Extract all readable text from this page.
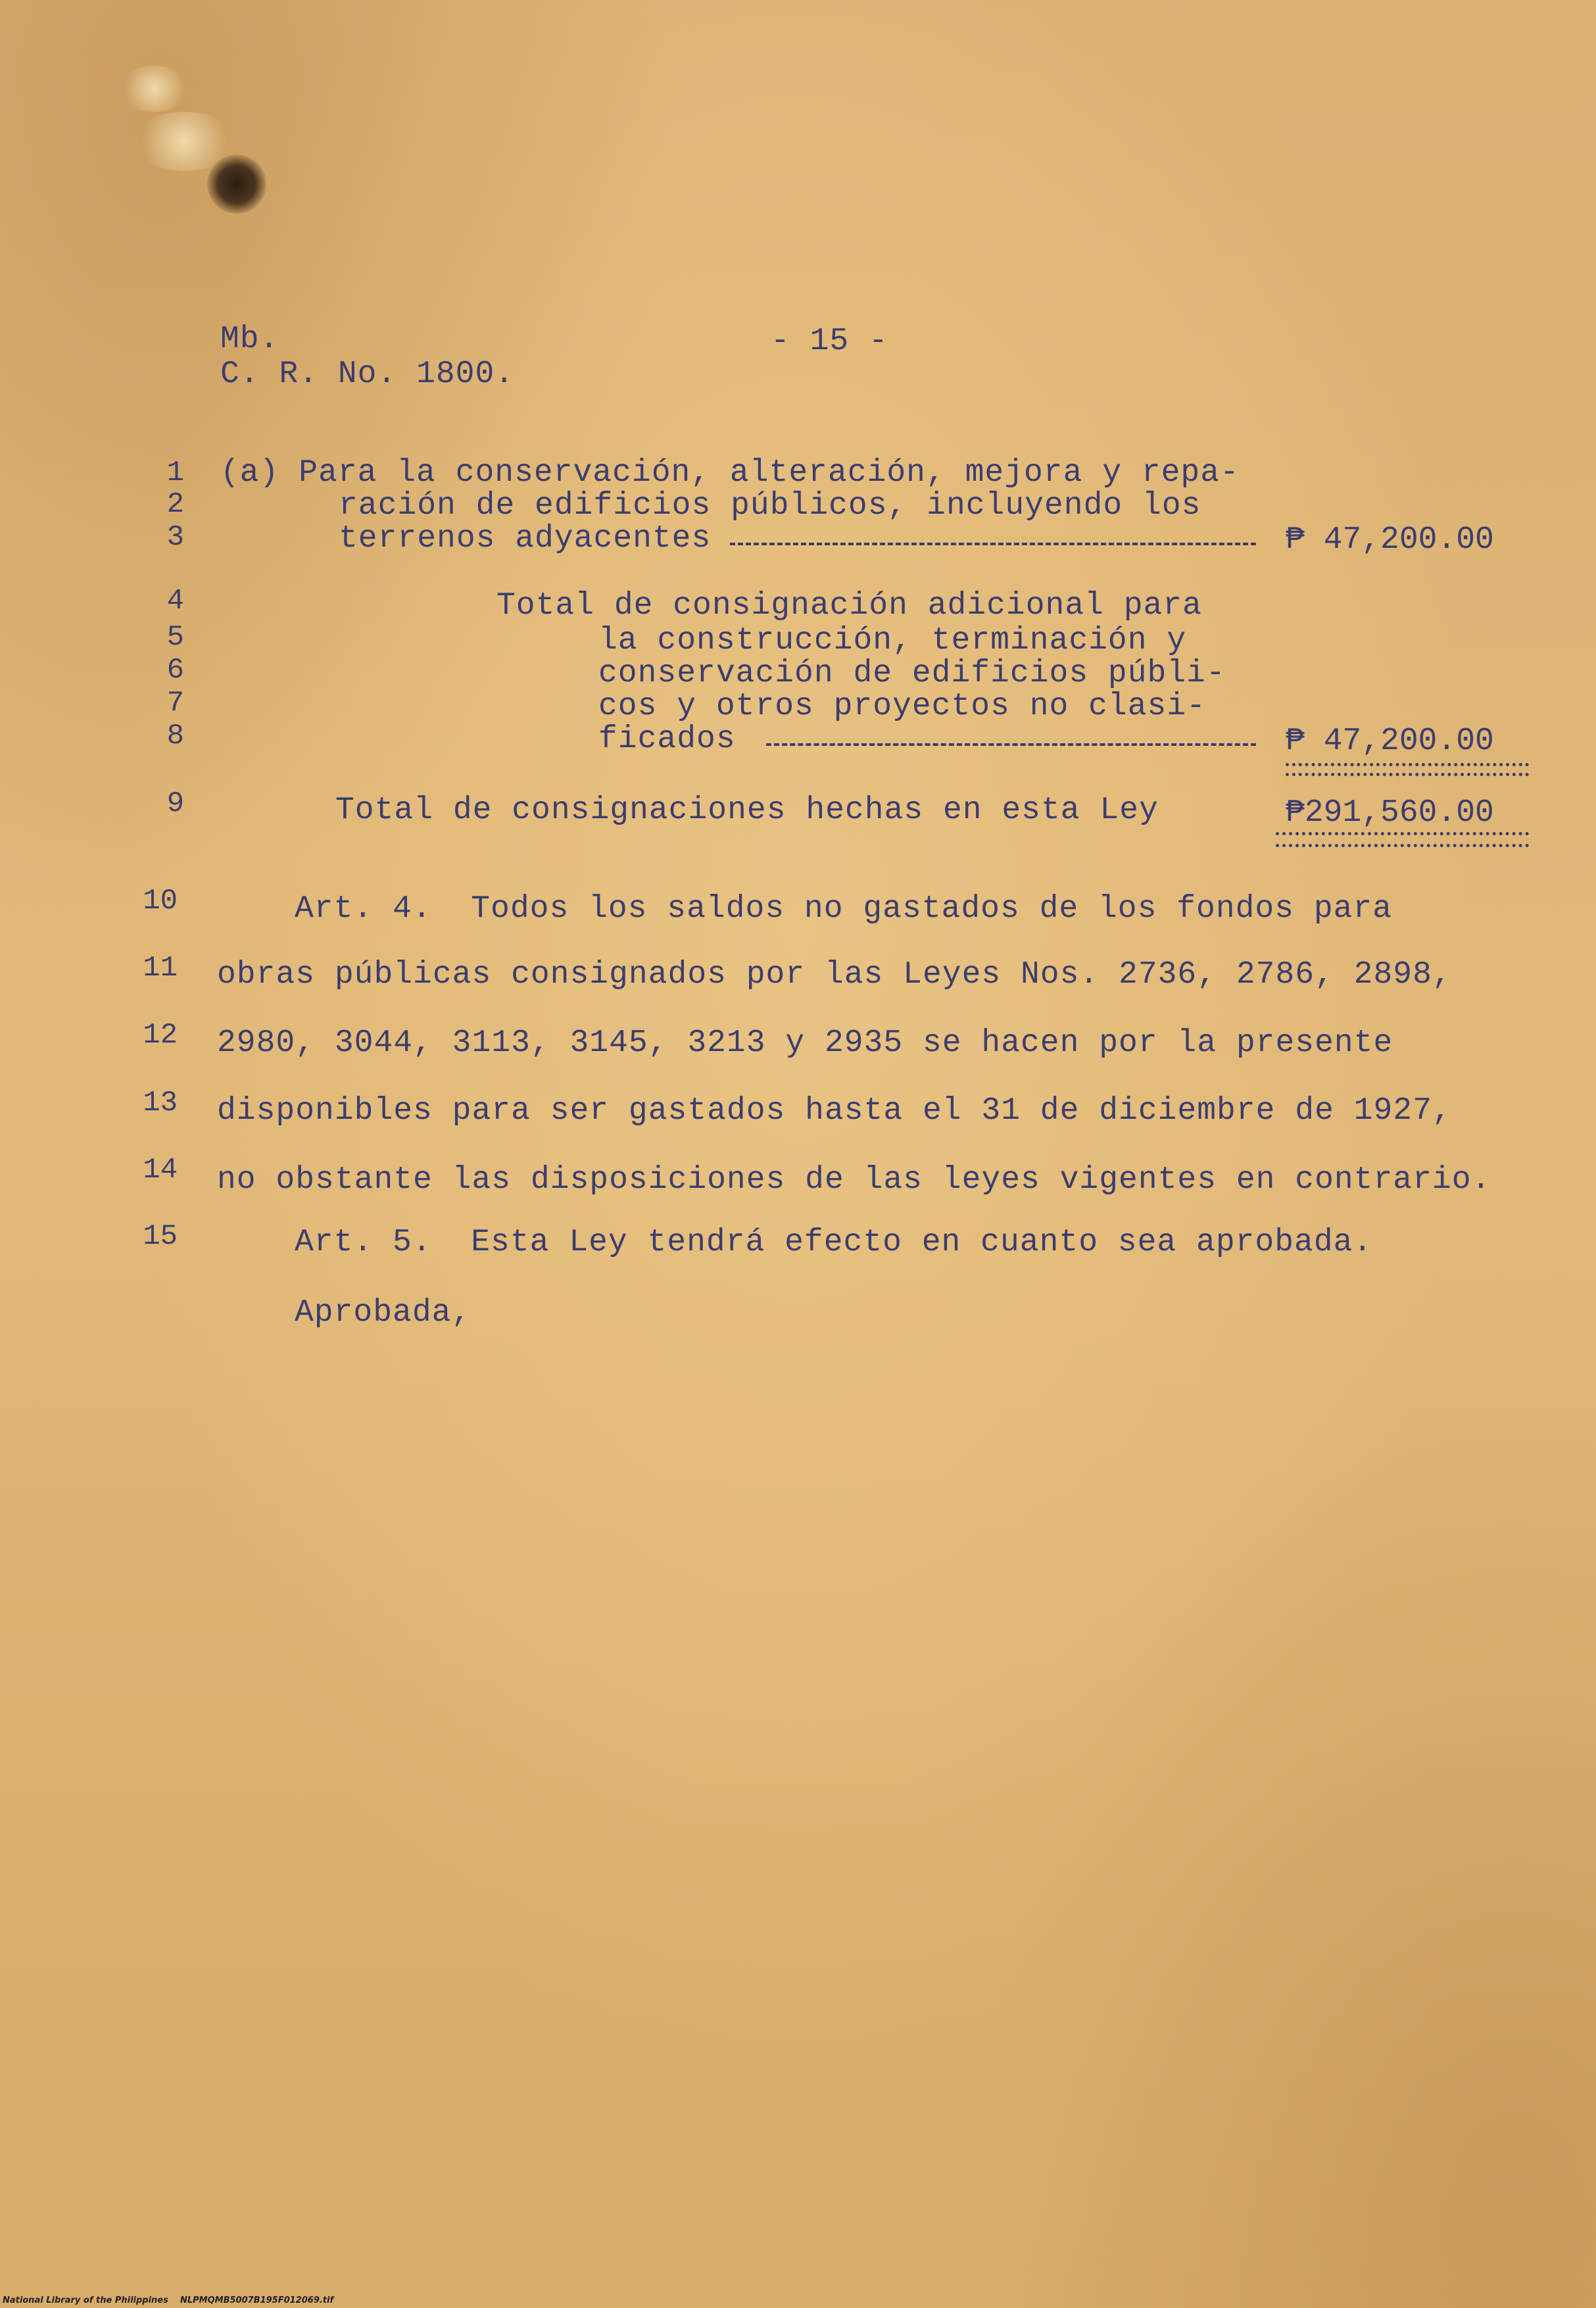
Mb.
C. R. No. 1800.
- 15 -
1
2
3
4
5
6
7
8
9
10
11
12
13
14
15
(a) Para la conservación, alteración, mejora y repa-
ración de edificios públicos, incluyendo los
terrenos adyacentes	₱ 47,200.00
Total de consignación adicional para
la construcción, terminación y
conservación de edificios públi-
cos y otros proyectos no clasi-
ficados	₱ 47,200.00
Total de consignaciones hechas en esta Ley	₱291,560.00
Art. 4.  Todos los saldos no gastados de los fondos para
obras públicas consignados por las Leyes Nos. 2736, 2786, 2898,
2980, 3044, 3113, 3145, 3213 y 2935 se hacen por la presente
disponibles para ser gastados hasta el 31 de diciembre de 1927,
no obstante las disposiciones de las leyes vigentes en contrario.
Art. 5.  Esta Ley tendrá efecto en cuanto sea aprobada.
Aprobada,
National Library of the Philippines    NLPMQMB5007B195F012069.tif
